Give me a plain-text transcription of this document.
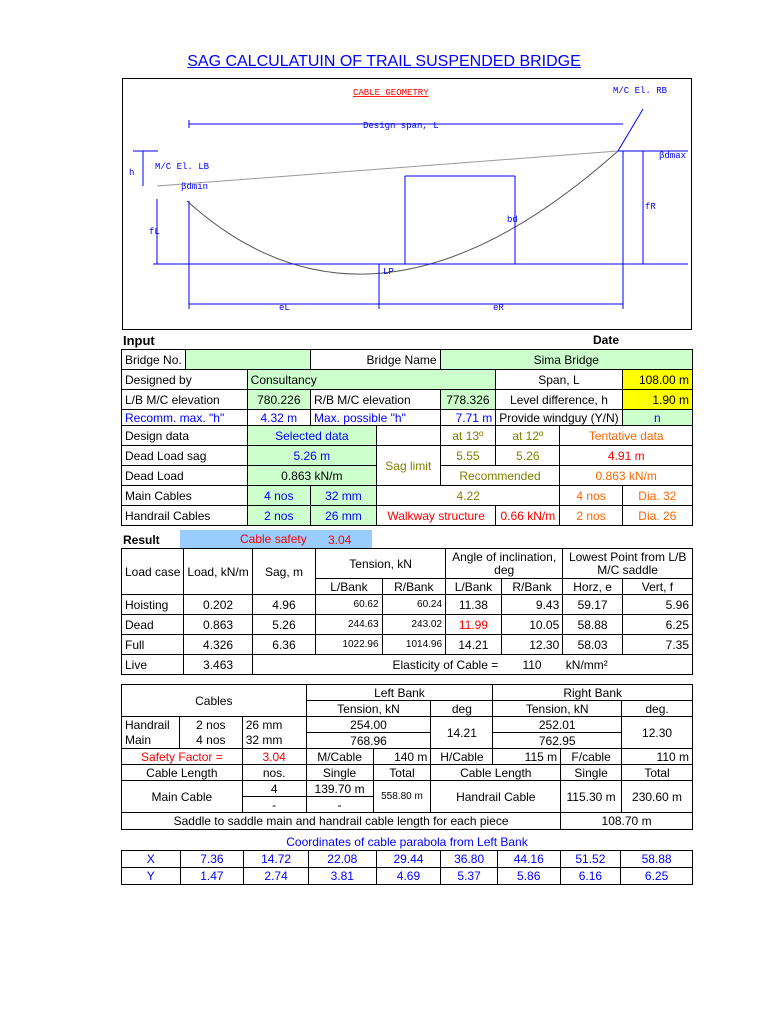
SAG CALCULATUIN OF TRAIL SUSPENDED BRIDGE
CABLE GEOMETRY	M/C El. RB
M/C El. LB
Design span, L
h
fL
fR
bd
LP
eL	eR
βdmin
βdmax
Input	Date
Bridge No.			Bridge Name		Sima Bridge			
Designed by		Consultancy				Span, L		108.00 m
L/B M/C elevation		780.226	R/B M/C elevation		778.326	Level difference, h		1.90 m
Recomm. max. "h"		4.32 m	Max. possible "h"		7.71 m	Provide windguy (Y/N)		n
Design data		Selected data			at 13º	at 12º	Tentative data	
Dead Load sag		5.26 m		Sag limit	5.55	5.26	4.91 m	
Dead Load		0.863 kN/m			Recommended		0.863 kN/m	
Main Cables		4 nos	32 mm	4.22			4 nos	Dia. 32
Handrail Cables		2 nos	26 mm	Walkway structure		0.66 kN/m	2 nos	Dia. 26
Result	Cable safety 3.04
Load case	Load, kN/m	Sag, m	Tension, kN		Angle of inclination, deg		Lowest Point from L/B M/C saddle	
			L/Bank	R/Bank	L/Bank	R/Bank	Horz, e	Vert, f
Hoisting	0.202	4.96	60.62	60.24	11.38	9.43	59.17	5.96
Dead	0.863	5.26	244.63	243.02	11.99	10.05	58.88	6.25
Full	4.326	6.36	1022.96	1014.96	14.21	12.30	58.03	7.35
Live	3.463	Elasticity of Cable =				110	kN/mm²	
Cables			Left Bank			Right Bank		
			Tension, kN		deg	Tension, kN		deg.
Handrail	2 nos	26 mm	254.00		14.21	252.01		12.30
Main	4 nos	32 mm	768.96			762.95		
Safety Factor =		3.04	M/Cable	140 m	H/Cable	115 m	F/cable	110 m
Cable Length		nos.	Single	Total	Cable Length		Single	Total
Main Cable		4	139.70 m	558.80 m	Handrail Cable		115.30 m	230.60 m
		-	-					
Saddle to saddle main and handrail cable length for each piece							108.70 m	
Coordinates of cable parabola from Left Bank
X	7.36	14.72	22.08	29.44	36.80	44.16	51.52	58.88
Y	1.47	2.74	3.81	4.69	5.37	5.86	6.16	6.25
